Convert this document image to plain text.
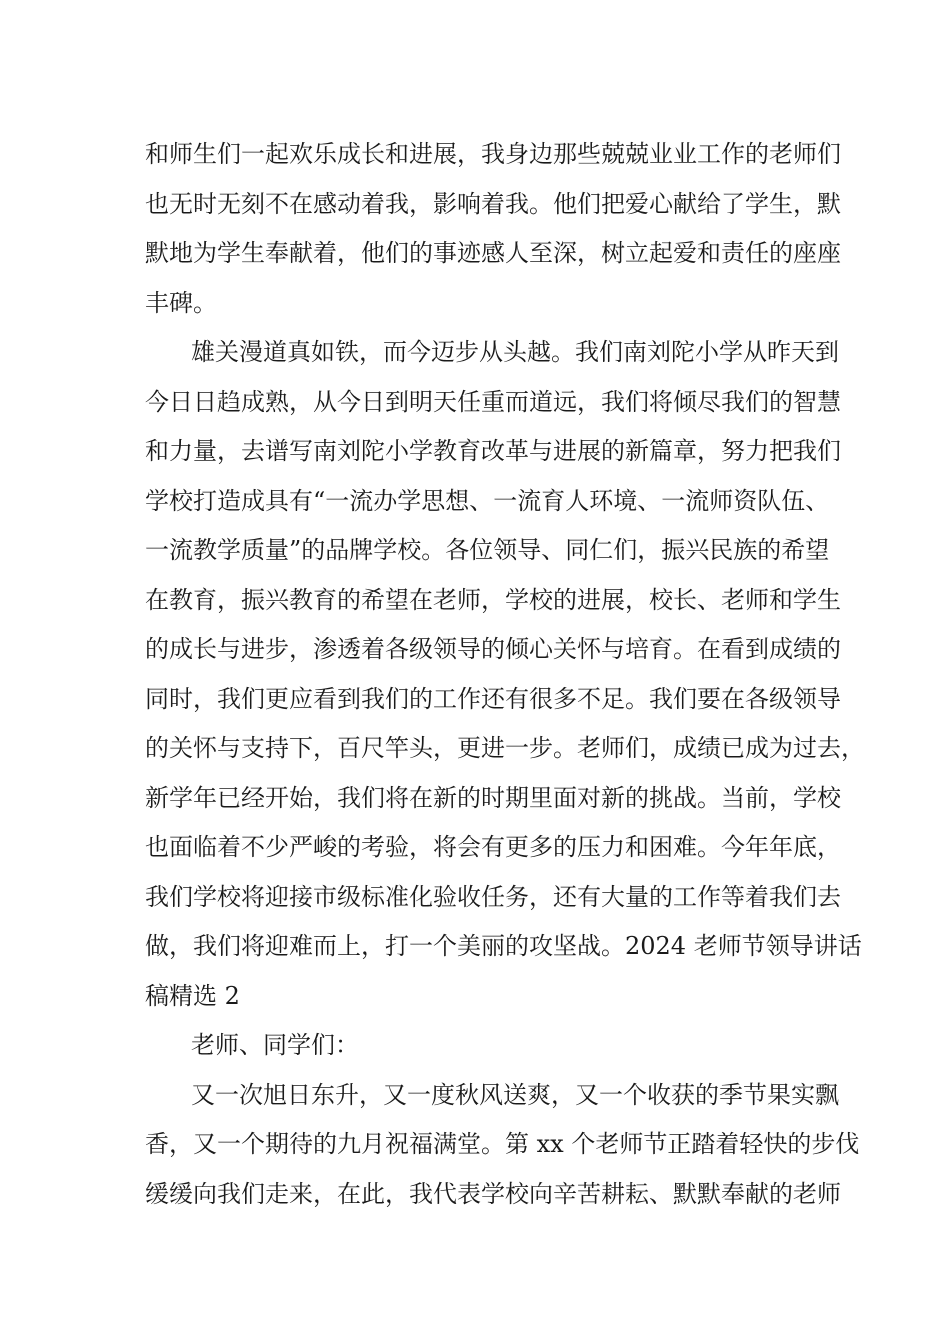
和师生们一起欢乐成长和进展，我身边那些兢兢业业工作的老师们
也无时无刻不在感动着我，影响着我。他们把爱心献给了学生，默
默地为学生奉献着，他们的事迹感人至深，树立起爱和责任的座座
丰碑。
雄关漫道真如铁，而今迈步从头越。我们南刘陀小学从昨天到
今日日趋成熟，从今日到明天任重而道远，我们将倾尽我们的智慧
和力量，去谱写南刘陀小学教育改革与进展的新篇章，努力把我们
学校打造成具有“一流办学思想、一流育人环境、一流师资队伍、
一流教学质量”的品牌学校。各位领导、同仁们，振兴民族的希望
在教育，振兴教育的希望在老师，学校的进展，校长、老师和学生
的成长与进步，渗透着各级领导的倾心关怀与培育。在看到成绩的
同时，我们更应看到我们的工作还有很多不足。我们要在各级领导
的关怀与支持下，百尺竿头，更进一步。老师们，成绩已成为过去，
新学年已经开始，我们将在新的时期里面对新的挑战。当前，学校
也面临着不少严峻的考验，将会有更多的压力和困难。今年年底，
我们学校将迎接市级标准化验收任务，还有大量的工作等着我们去
做，我们将迎难而上，打一个美丽的攻坚战。2024 老师节领导讲话
稿精选 2
老师、同学们：
又一次旭日东升，又一度秋风送爽，又一个收获的季节果实飘
香，又一个期待的九月祝福满堂。第 xx 个老师节正踏着轻快的步伐
缓缓向我们走来，在此，我代表学校向辛苦耕耘、默默奉献的老师
